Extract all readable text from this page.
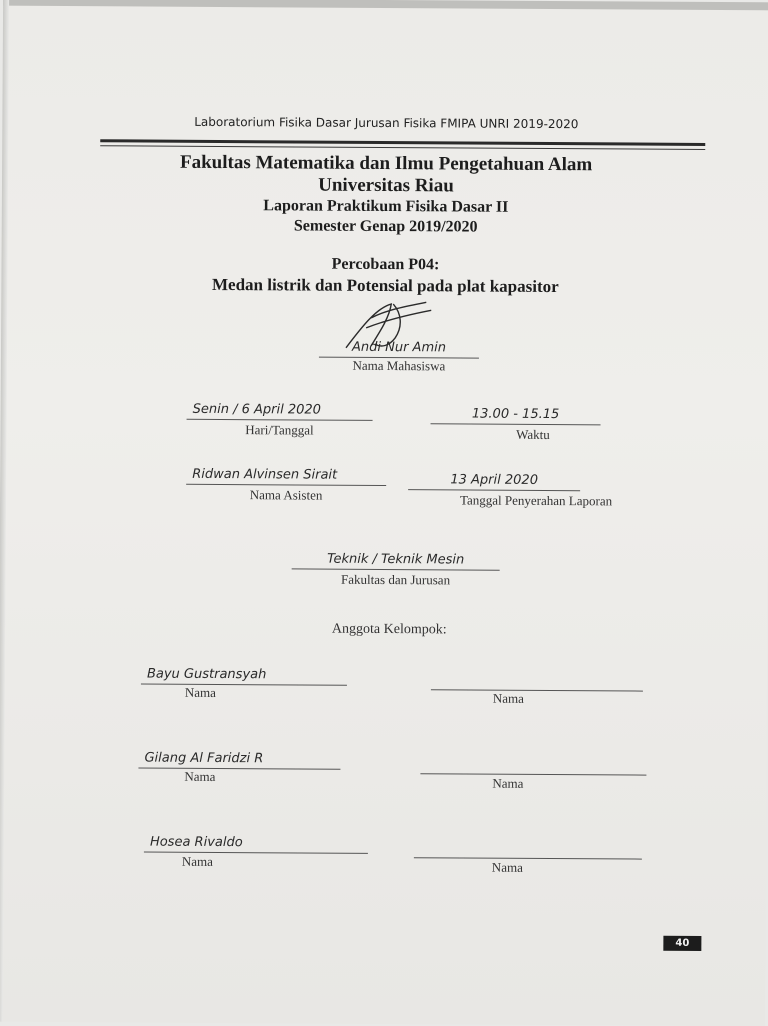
Laboratorium Fisika Dasar Jurusan Fisika FMIPA UNRI 2019-2020
Fakultas Matematika dan Ilmu Pengetahuan Alam
Universitas Riau
Laporan Praktikum Fisika Dasar II
Semester Genap 2019/2020
Percobaan P04:
Medan listrik dan Potensial pada plat kapasitor
Andi Nur Amin
Nama Mahasiswa
Senin / 6 April 2020
Hari/Tanggal
13.00 - 15.15
Waktu
Ridwan Alvinsen Sirait
Nama Asisten
13 April 2020
Tanggal Penyerahan Laporan
Teknik / Teknik Mesin
Fakultas dan Jurusan
Anggota Kelompok:
Bayu Gustransyah
Nama	Nama
Gilang Al Faridzi R
Nama	Nama
Hosea Rivaldo
Nama	Nama
40
